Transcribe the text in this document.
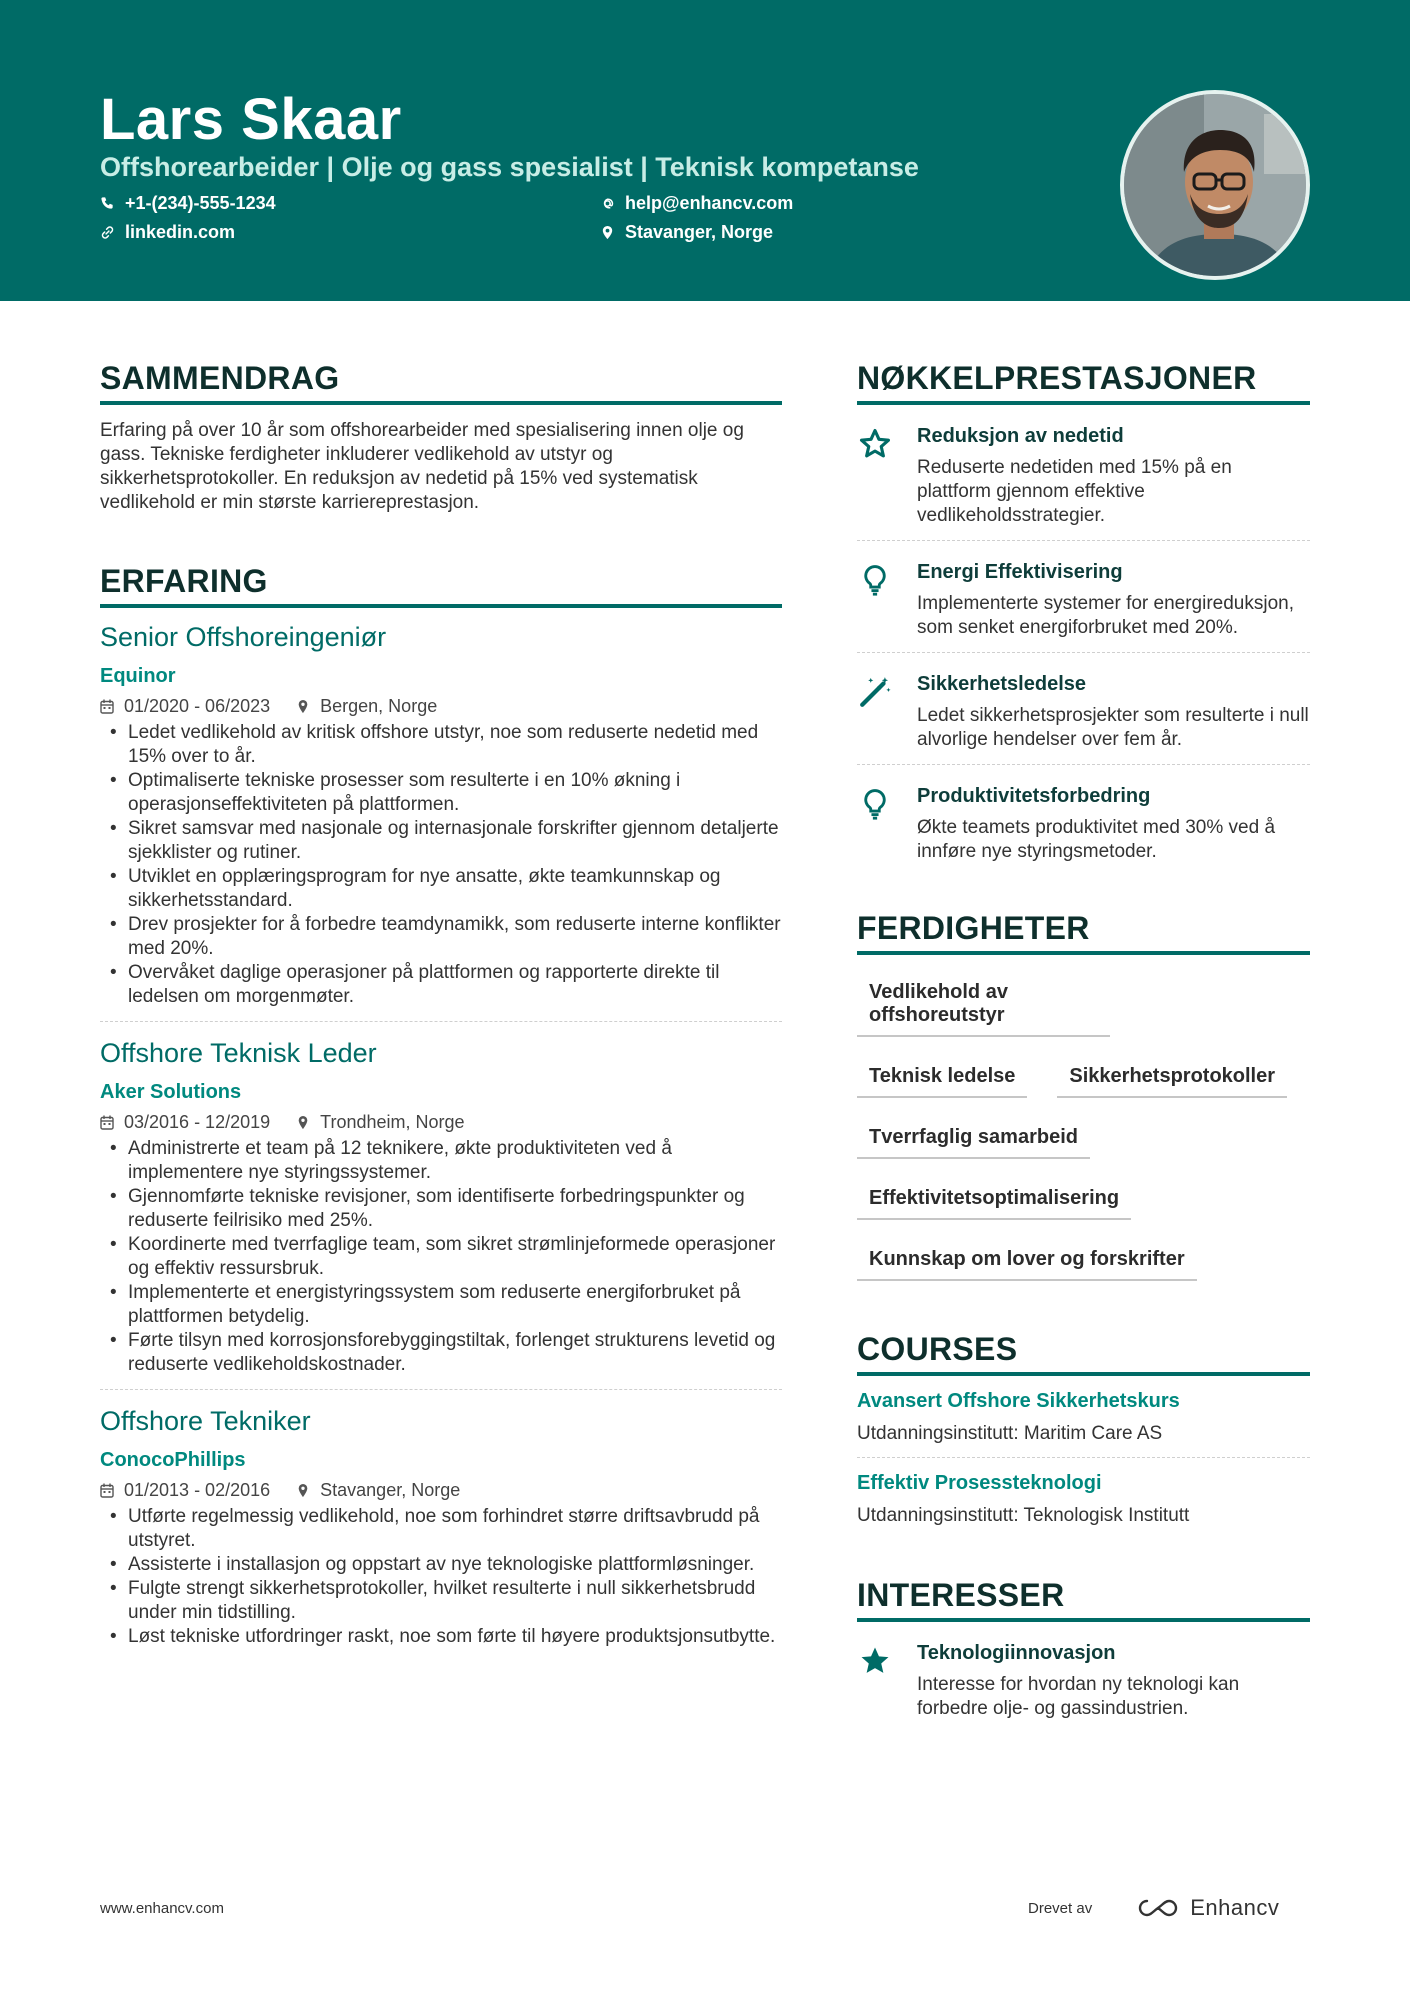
Lars Skaar
Offshorearbeider | Olje og gass spesialist | Teknisk kompetanse
+1-(234)-555-1234	help@enhancv.com
linkedin.com	Stavanger, Norge
SAMMENDRAG
Erfaring på over 10 år som offshorearbeider med spesialisering innen olje og gass. Tekniske ferdigheter inkluderer vedlikehold av utstyr og sikkerhetsprotokoller. En reduksjon av nedetid på 15% ved systematisk vedlikehold er min største karriereprestasjon.
ERFARING
Senior Offshoreingeniør
Equinor
01/2020 - 06/2023	Bergen, Norge
• Ledet vedlikehold av kritisk offshore utstyr, noe som reduserte nedetid med 15% over to år.
• Optimaliserte tekniske prosesser som resulterte i en 10% økning i operasjonseffektiviteten på plattformen.
• Sikret samsvar med nasjonale og internasjonale forskrifter gjennom detaljerte sjekklister og rutiner.
• Utviklet en opplæringsprogram for nye ansatte, økte teamkunnskap og sikkerhetsstandard.
• Drev prosjekter for å forbedre teamdynamikk, som reduserte interne konflikter med 20%.
• Overvåket daglige operasjoner på plattformen og rapporterte direkte til ledelsen om morgenmøter.
Offshore Teknisk Leder
Aker Solutions
03/2016 - 12/2019	Trondheim, Norge
• Administrerte et team på 12 teknikere, økte produktiviteten ved å implementere nye styringssystemer.
• Gjennomførte tekniske revisjoner, som identifiserte forbedringspunkter og reduserte feilrisiko med 25%.
• Koordinerte med tverrfaglige team, som sikret strømlinjeformede operasjoner og effektiv ressursbruk.
• Implementerte et energistyringssystem som reduserte energiforbruket på plattformen betydelig.
• Førte tilsyn med korrosjonsforebyggingstiltak, forlenget strukturens levetid og reduserte vedlikeholdskostnader.
Offshore Tekniker
ConocoPhillips
01/2013 - 02/2016	Stavanger, Norge
• Utførte regelmessig vedlikehold, noe som forhindret større driftsavbrudd på utstyret.
• Assisterte i installasjon og oppstart av nye teknologiske plattformløsninger.
• Fulgte strengt sikkerhetsprotokoller, hvilket resulterte i null sikkerhetsbrudd under min tidstilling.
• Løst tekniske utfordringer raskt, noe som førte til høyere produktsjonsutbytte.
NØKKELPRESTASJONER
Reduksjon av nedetid
Reduserte nedetiden med 15% på en plattform gjennom effektive vedlikeholdsstrategier.
Energi Effektivisering
Implementerte systemer for energireduksjon, som senket energiforbruket med 20%.
Sikkerhetsledelse
Ledet sikkerhetsprosjekter som resulterte i null alvorlige hendelser over fem år.
Produktivitetsforbedring
Økte teamets produktivitet med 30% ved å innføre nye styringsmetoder.
FERDIGHETER
Vedlikehold av offshoreutstyr
Teknisk ledelse	Sikkerhetsprotokoller
Tverrfaglig samarbeid
Effektivitetsoptimalisering
Kunnskap om lover og forskrifter
COURSES
Avansert Offshore Sikkerhetskurs
Utdanningsinstitutt: Maritim Care AS
Effektiv Prosessteknologi
Utdanningsinstitutt: Teknologisk Institutt
INTERESSER
Teknologiinnovasjon
Interesse for hvordan ny teknologi kan forbedre olje- og gassindustrien.
www.enhancv.com	Drevet av	Enhancv
